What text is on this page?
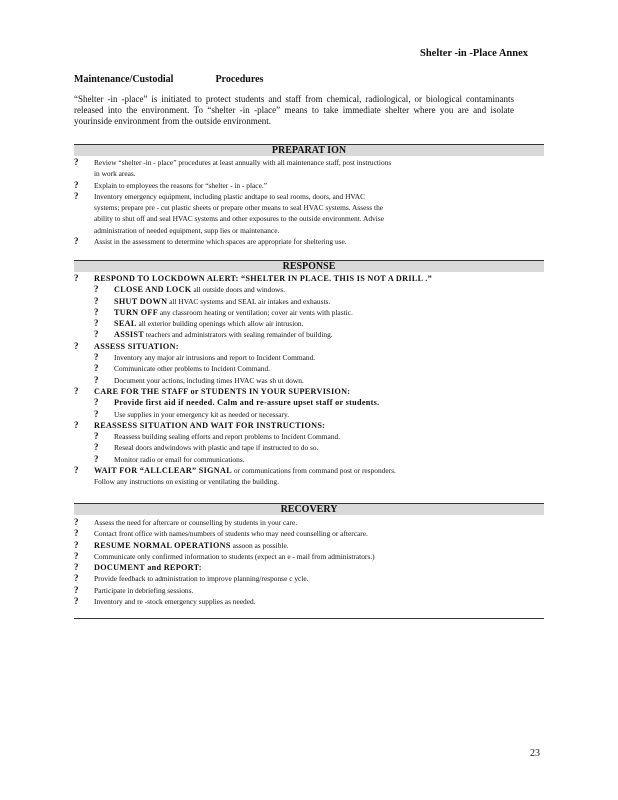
Shelter -in -Place Annex
Maintenance/Custodial	Procedures
“Shelter -in -place” is initiated to protect students and staff from chemical, radiological, or biological contaminants released into the environment. To “shelter -in -place” means to take immediate shelter where you are and isolate yourinside environment from the outside environment.
PREPARAT ION
? Review “shelter -in - place” procedures at least annually with all maintenance staff, post instructions
in work areas.
? Explain to employees the reasons for “shelter - in - place.”
? Inventory emergency equipment, including plastic andtape to seal rooms, doors, and HVAC
systems; prepare pre - cut plastic sheets or prepare other means to seal HVAC systems. Assess the
ability to shut off and seal HVAC systems and other exposures to the outside environment. Advise
administration of needed equipment, supp lies or maintenance.
? Assist in the assessment to determine which spaces are appropriate for sheltering use.
RESPONSE
? RESPOND TO LOCKDOWN ALERT: “SHELTER IN PLACE. THIS IS NOT A DRILL .”
? CLOSE AND LOCK all outside doors and windows.
? SHUT DOWN all HVAC systems and SEAL air intakes and exhausts.
? TURN OFF any classroom heating or ventilation; cover air vents with plastic.
? SEAL all exterior building openings which allow air intrusion.
? ASSIST teachers and administrators with sealing remainder of building.
? ASSESS SITUATION:
? Inventory any major air intrusions and report to Incident Command.
? Communicate other problems to Incident Command.
? Document your actions, including times HVAC was sh ut down.
? CARE FOR THE STAFF or STUDENTS IN YOUR SUPERVISION:
? Provide first aid if needed. Calm and re-assure upset staff or students.
? Use supplies in your emergency kit as needed or necessary.
? REASSESS SITUATION AND WAIT FOR INSTRUCTIONS:
? Reassess building sealing efforts and report problems to Incident Command.
? Reseal doors andwindows with plastic and tape if instructed to do so.
? Monitor radio or email for communications.
? WAIT FOR “ALLCLEAR” SIGNAL or communications from command post or responders.
Follow any instructions on existing or ventilating the building.
RECOVERY
? Assess the need for aftercare or counselling by students in your care.
? Contact front office with names/numbers of students who may need counselling or aftercare.
? RESUME NORMAL OPERATIONS assoon as possible.
? Communicate only confirmed information to students (expect an e - mail from administrators.)
? DOCUMENT and REPORT:
? Provide feedback to administration to improve planning/response c ycle.
? Participate in debriefing sessions.
? Inventory and re -stock emergency supplies as needed.
23
